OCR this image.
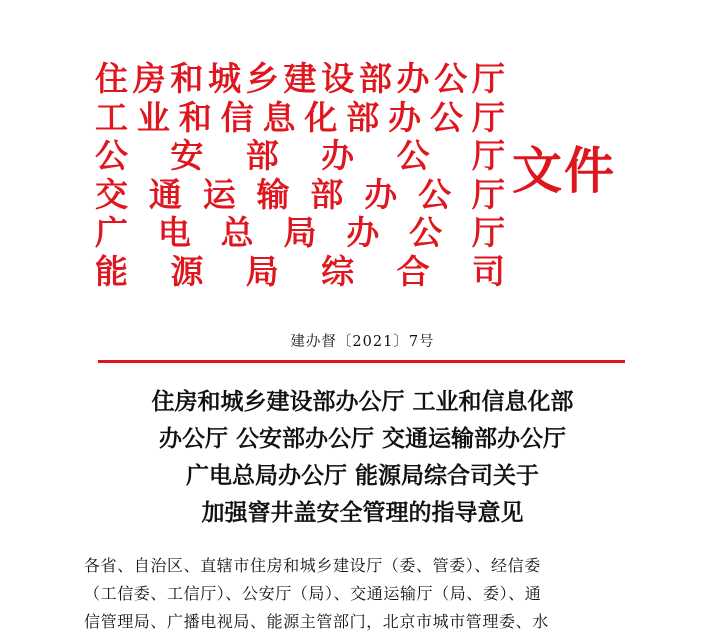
住 房 和 城 乡 建 设 部 办 公 厅
工 业 和 信 息 化 部 办 公 厅
公 安 部 办 公 厅
交 通 运 输 部 办 公 厅
广 电 总 局 办 公 厅
能 源 局 综 合 司
文件
建办督〔2021〕7号
住房和城乡建设部办公厅 工业和信息化部
办公厅 公安部办公厅 交通运输部办公厅
广电总局办公厅 能源局综合司关于
加强窨井盖安全管理的指导意见
各省、自治区、直辖市住房和城乡建设厅（委、管委）、经信委
（工信委、工信厅）、公安厅（局）、交通运输厅（局、委）、通
信管理局、广播电视局、能源主管部门，北京市城市管理委、水
